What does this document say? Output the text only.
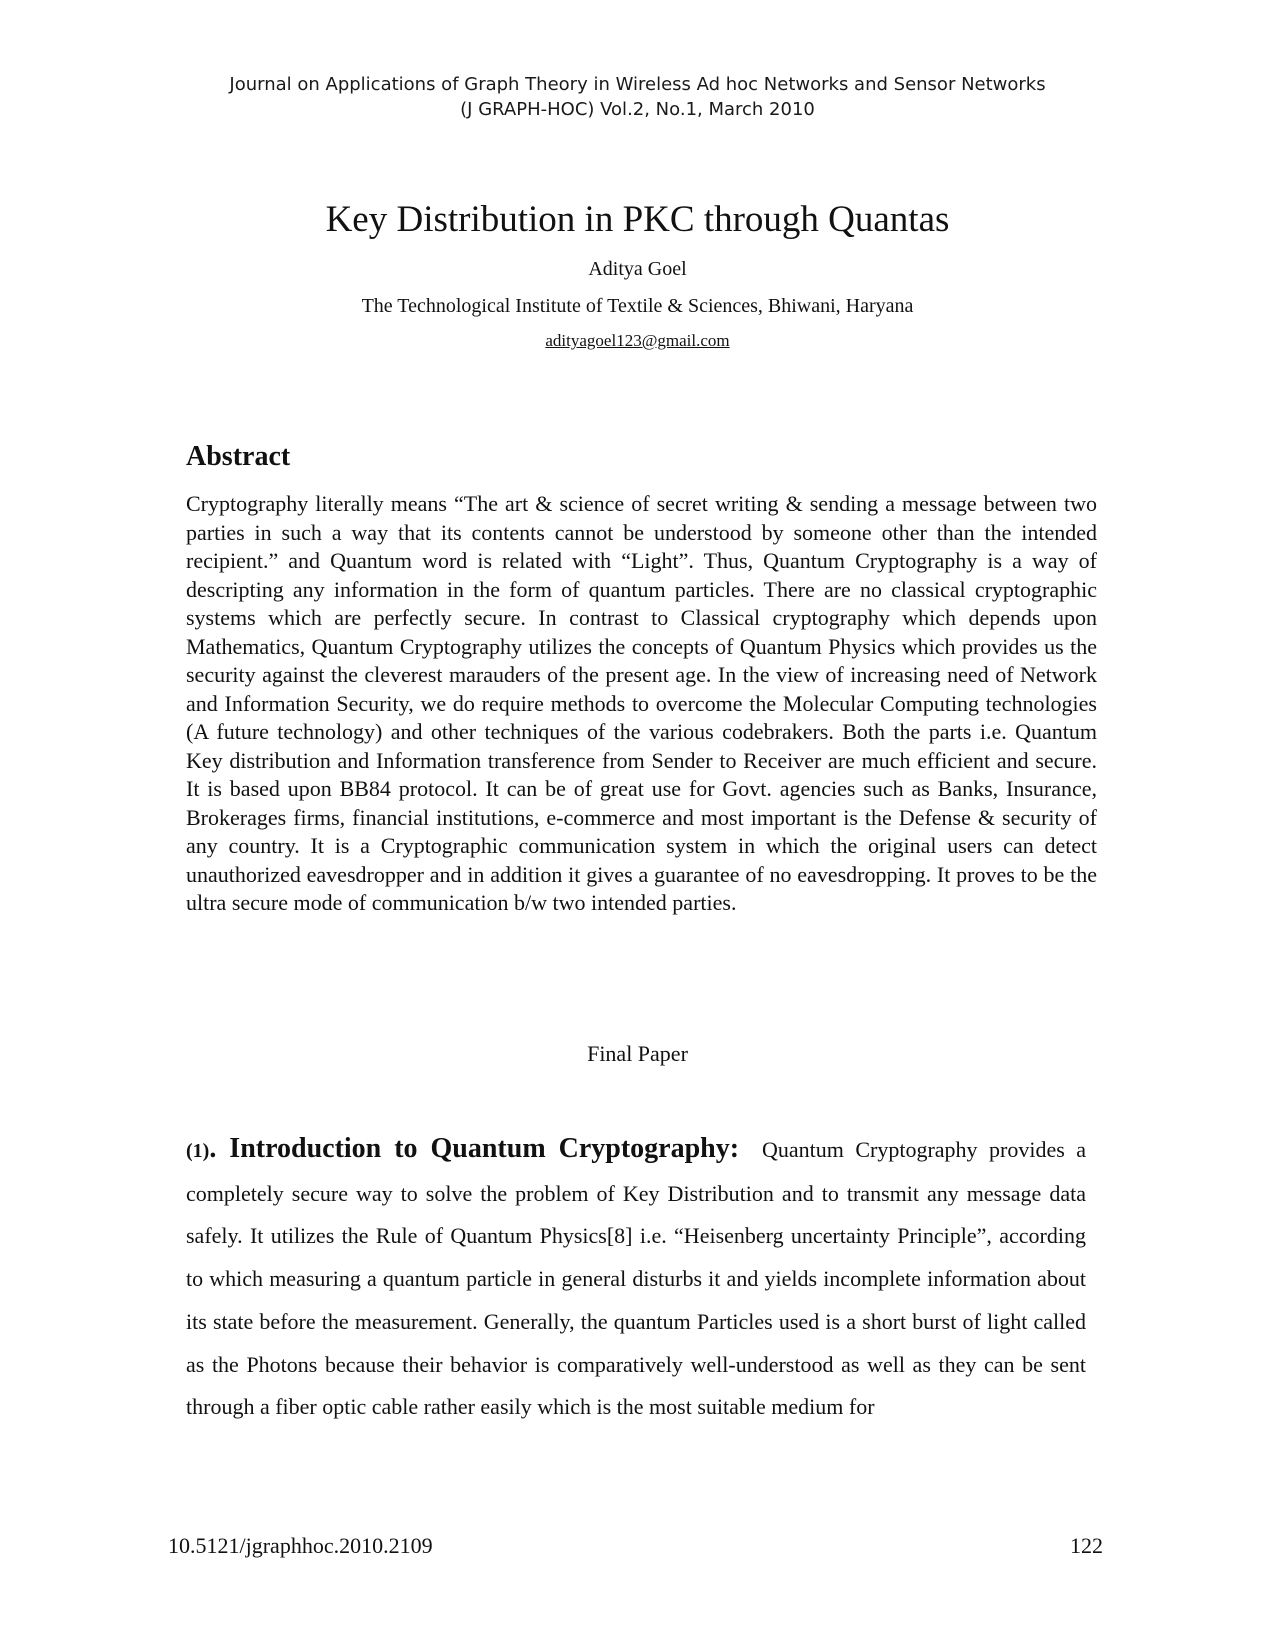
Journal on Applications of Graph Theory in Wireless Ad hoc Networks and Sensor Networks
(J GRAPH-HOC) Vol.2, No.1, March 2010
Key Distribution in PKC through Quantas
Aditya Goel
The Technological Institute of Textile & Sciences, Bhiwani, Haryana
adityagoel123@gmail.com
Abstract

Cryptography literally means “The art & science of secret writing & sending a message between two parties in such a way that its contents cannot be understood by someone other than the intended recipient.” and Quantum word is related with “Light”. Thus, Quantum Cryptography is a way of descripting any information in the form of quantum particles. There are no classical cryptographic systems which are perfectly secure. In contrast to Classical cryptography which depends upon Mathematics, Quantum Cryptography utilizes the concepts of Quantum Physics which provides us the security against the cleverest marauders of the present age. In the view of increasing need of Network and Information Security, we do require methods to overcome the Molecular Computing technologies (A future technology) and other techniques of the various codebrakers. Both the parts i.e. Quantum Key distribution and Information transference from Sender to Receiver are much efficient and secure. It is based upon BB84 protocol. It can be of great use for Govt. agencies such as Banks, Insurance, Brokerages firms, financial institutions, e-commerce and most important is the Defense & security of any country. It is a Cryptographic communication system in which the original users can detect unauthorized eavesdropper and in addition it gives a guarantee of no eavesdropping. It proves to be the ultra secure mode of communication b/w two intended parties.

Final Paper

(1). Introduction to Quantum Cryptography: Quantum Cryptography provides a completely secure way to solve the problem of Key Distribution and to transmit any message data safely. It utilizes the Rule of Quantum Physics[8] i.e. “Heisenberg uncertainty Principle”, according to which measuring a quantum particle in general disturbs it and yields incomplete information about its state before the measurement. Generally, the quantum Particles used is a short burst of light called as the Photons because their behavior is comparatively well-understood as well as they can be sent through a fiber optic cable rather easily which is the most suitable medium for

10.5121/jgraphhoc.2010.2109	122
